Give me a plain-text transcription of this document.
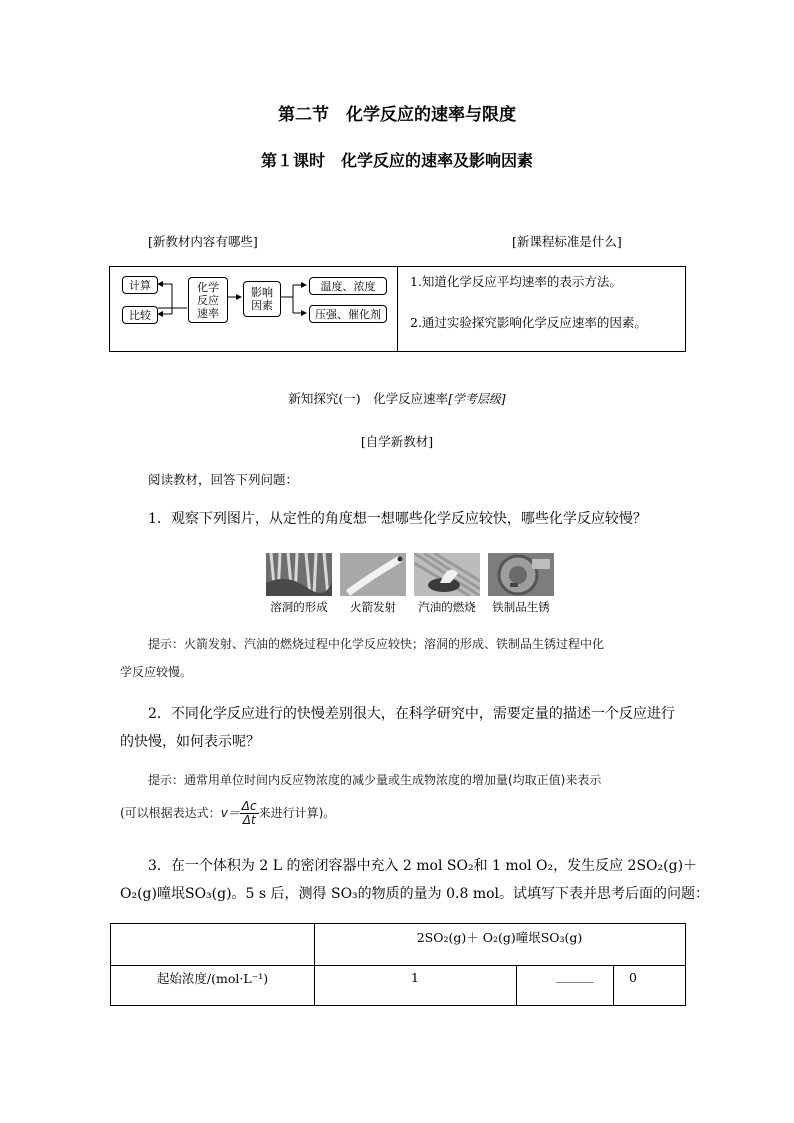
第二节　化学反应的速率与限度
第１课时　化学反应的速率及影响因素
[新教材内容有哪些]	[新课程标准是什么]
计算
比较
化学
反应
速率
影响
因素
温度、浓度
压强、催化剂
1.知道化学反应平均速率的表示方法。
2.通过实验探究影响化学反应速率的因素。
新知探究(一)　化学反应速率[学考层级]
[自学新教材]
阅读教材，回答下列问题：
1．观察下列图片，从定性的角度想一想哪些化学反应较快，哪些化学反应较慢？
溶洞的形成	火箭发射	汽油的燃烧	铁制品生锈
提示：火箭发射、汽油的燃烧过程中化学反应较快；溶洞的形成、铁制品生锈过程中化
学反应较慢。
2．不同化学反应进行的快慢差别很大，在科学研究中，需要定量的描述一个反应进行
的快慢，如何表示呢？
提示：通常用单位时间内反应物浓度的减少量或生成物浓度的增加量(均取正值)来表示
(可以根据表达式：$v= \frac{\Delta c}{\Delta t}$ 来进行计算)。
3．在一个体积为 2 L 的密闭容器中充入 2 mol SO₂和 1 mol O₂，发生反应 2SO₂(g)＋
O₂(g)噇垊SO₃(g)。5 s 后，测得 SO₃的物质的量为 0.8 mol。试填写下表并思考后面的问题：
2SO₂(g)＋ O₂(g)噇垊SO₃(g)
起始浓度/(mol·L⁻¹)	1	______	0
